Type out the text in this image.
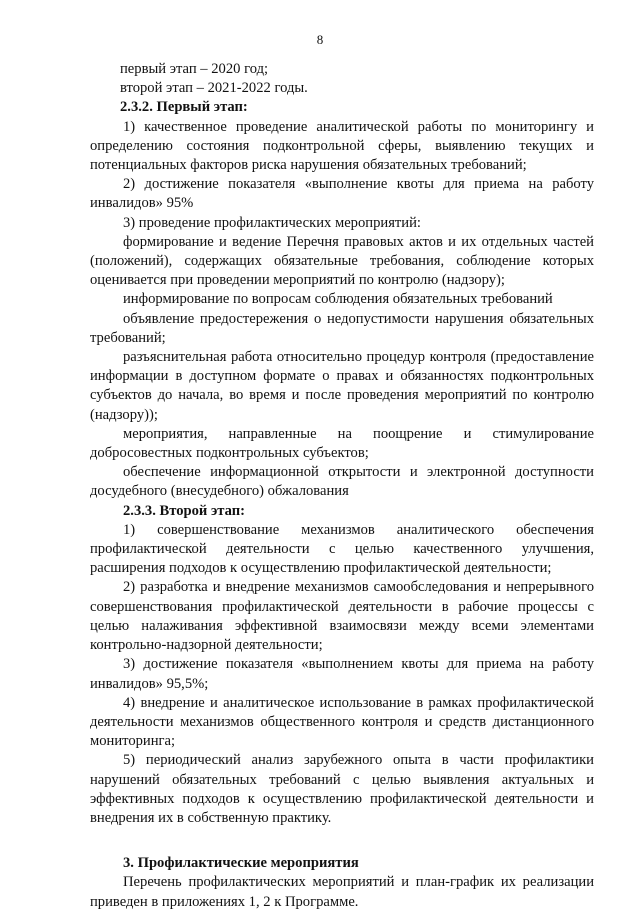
8

первый этап – 2020 год;

второй этап – 2021-2022 годы.

2.3.2. Первый этап:

1) качественное проведение аналитической работы по мониторингу и определению состояния подконтрольной сферы, выявлению текущих и потенциальных факторов риска нарушения обязательных требований;

2) достижение показателя «выполнение квоты для приема на работу инвалидов» 95%

3) проведение профилактических мероприятий:

формирование и ведение Перечня правовых актов и их отдельных частей (положений), содержащих обязательные требования, соблюдение которых оценивается при проведении мероприятий по контролю (надзору);

информирование по вопросам соблюдения обязательных требований

объявление предостережения о недопустимости нарушения обязательных требований;

разъяснительная работа относительно процедур контроля (предоставление информации в доступном формате о правах и обязанностях подконтрольных субъектов до начала, во время и после проведения мероприятий по контролю (надзору));

мероприятия, направленные на поощрение и стимулирование добросовестных подконтрольных субъектов;

обеспечение информационной открытости и электронной доступности досудебного (внесудебного) обжалования

2.3.3. Второй этап:

1) совершенствование механизмов аналитического обеспечения профилактической деятельности с целью качественного улучшения, расширения подходов к осуществлению профилактической деятельности;

2) разработка и внедрение механизмов самообследования и непрерывного совершенствования профилактической деятельности в рабочие процессы с целью налаживания эффективной взаимосвязи между всеми элементами контрольно-надзорной деятельности;

3) достижение показателя «выполнением квоты для приема на работу инвалидов» 95,5%;

4) внедрение и аналитическое использование в рамках профилактической деятельности механизмов общественного контроля и средств дистанционного мониторинга;

5) периодический анализ зарубежного опыта в части профилактики нарушений обязательных требований с целью выявления актуальных и эффективных подходов к осуществлению профилактической деятельности и внедрения их в собственную практику.

3. Профилактические мероприятия

Перечень профилактических мероприятий и план-график их реализации приведен в приложениях 1, 2 к Программе.
